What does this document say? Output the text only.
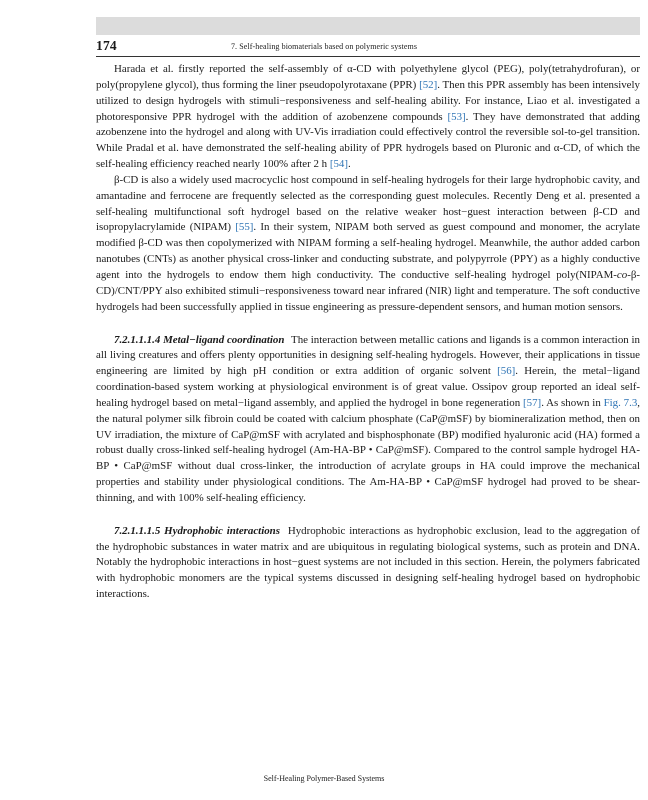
174	7. Self-healing biomaterials based on polymeric systems

Harada et al. firstly reported the self-assembly of α-CD with polyethylene glycol (PEG), poly(tetrahydrofuran), or poly(propylene glycol), thus forming the liner pseudopolyrotaxane (PPR) [52]. Then this PPR assembly has been intensively utilized to design hydrogels with stimuli−responsiveness and self-healing ability. For instance, Liao et al. investigated a photoresponsive PPR hydrogel with the addition of azobenzene compounds [53]. They have demonstrated that adding azobenzene into the hydrogel and along with UV-Vis irradiation could effectively control the reversible sol-to-gel transition. While Pradal et al. have demonstrated the self-healing ability of PPR hydrogels based on Pluronic and α-CD, of which the self-healing efficiency reached nearly 100% after 2 h [54].

β-CD is also a widely used macrocyclic host compound in self-healing hydrogels for their large hydrophobic cavity, and amantadine and ferrocene are frequently selected as the corresponding guest molecules. Recently Deng et al. presented a self-healing multifunctional soft hydrogel based on the relative weaker host−guest interaction between β-CD and isopropylacrylamide (NIPAM) [55]. In their system, NIPAM both served as guest compound and monomer, the acrylate modified β-CD was then copolymerized with NIPAM forming a self-healing hydrogel. Meanwhile, the author added carbon nanotubes (CNTs) as another physical cross-linker and conducting substrate, and polypyrrole (PPY) as a highly conductive agent into the hydrogels to endow them high conductivity. The conductive self-healing hydrogel poly(NIPAM-co-β-CD)/CNT/PPY also exhibited stimuli−responsiveness toward near infrared (NIR) light and temperature. The soft conductive hydrogels had been successfully applied in tissue engineering as pressure-dependent sensors, and human motion sensors.

7.2.1.1.1.4 Metal−ligand coordination The interaction between metallic cations and ligands is a common interaction in all living creatures and offers plenty opportunities in designing self-healing hydrogels. However, their applications in tissue engineering are limited by high pH condition or extra addition of organic solvent [56]. Herein, the metal−ligand coordination-based system working at physiological environment is of great value. Ossipov group reported an ideal self-healing hydrogel based on metal−ligand assembly, and applied the hydrogel in bone regeneration [57]. As shown in Fig. 7.3, the natural polymer silk fibroin could be coated with calcium phosphate (CaP@mSF) by biomineralization method, then on UV irradiation, the mixture of CaP@mSF with acrylated and bisphosphonate (BP) modified hyaluronic acid (HA) formed a robust dually cross-linked self-healing hydrogel (Am-HA-BP • CaP@mSF). Compared to the control sample hydrogel HA-BP • CaP@mSF without dual cross-linker, the introduction of acrylate groups in HA could improve the mechanical properties and stability under physiological conditions. The Am-HA-BP • CaP@mSF hydrogel had proved to be shear-thinning, and with 100% self-healing efficiency.

7.2.1.1.1.5 Hydrophobic interactions Hydrophobic interactions as hydrophobic exclusion, lead to the aggregation of the hydrophobic substances in water matrix and are ubiquitous in regulating biological systems, such as protein and DNA. Notably the hydrophobic interactions in host−guest systems are not included in this section. Herein, the polymers fabricated with hydrophobic monomers are the typical systems discussed in designing self-healing hydrogel based on hydrophobic interactions.

Self-Healing Polymer-Based Systems
